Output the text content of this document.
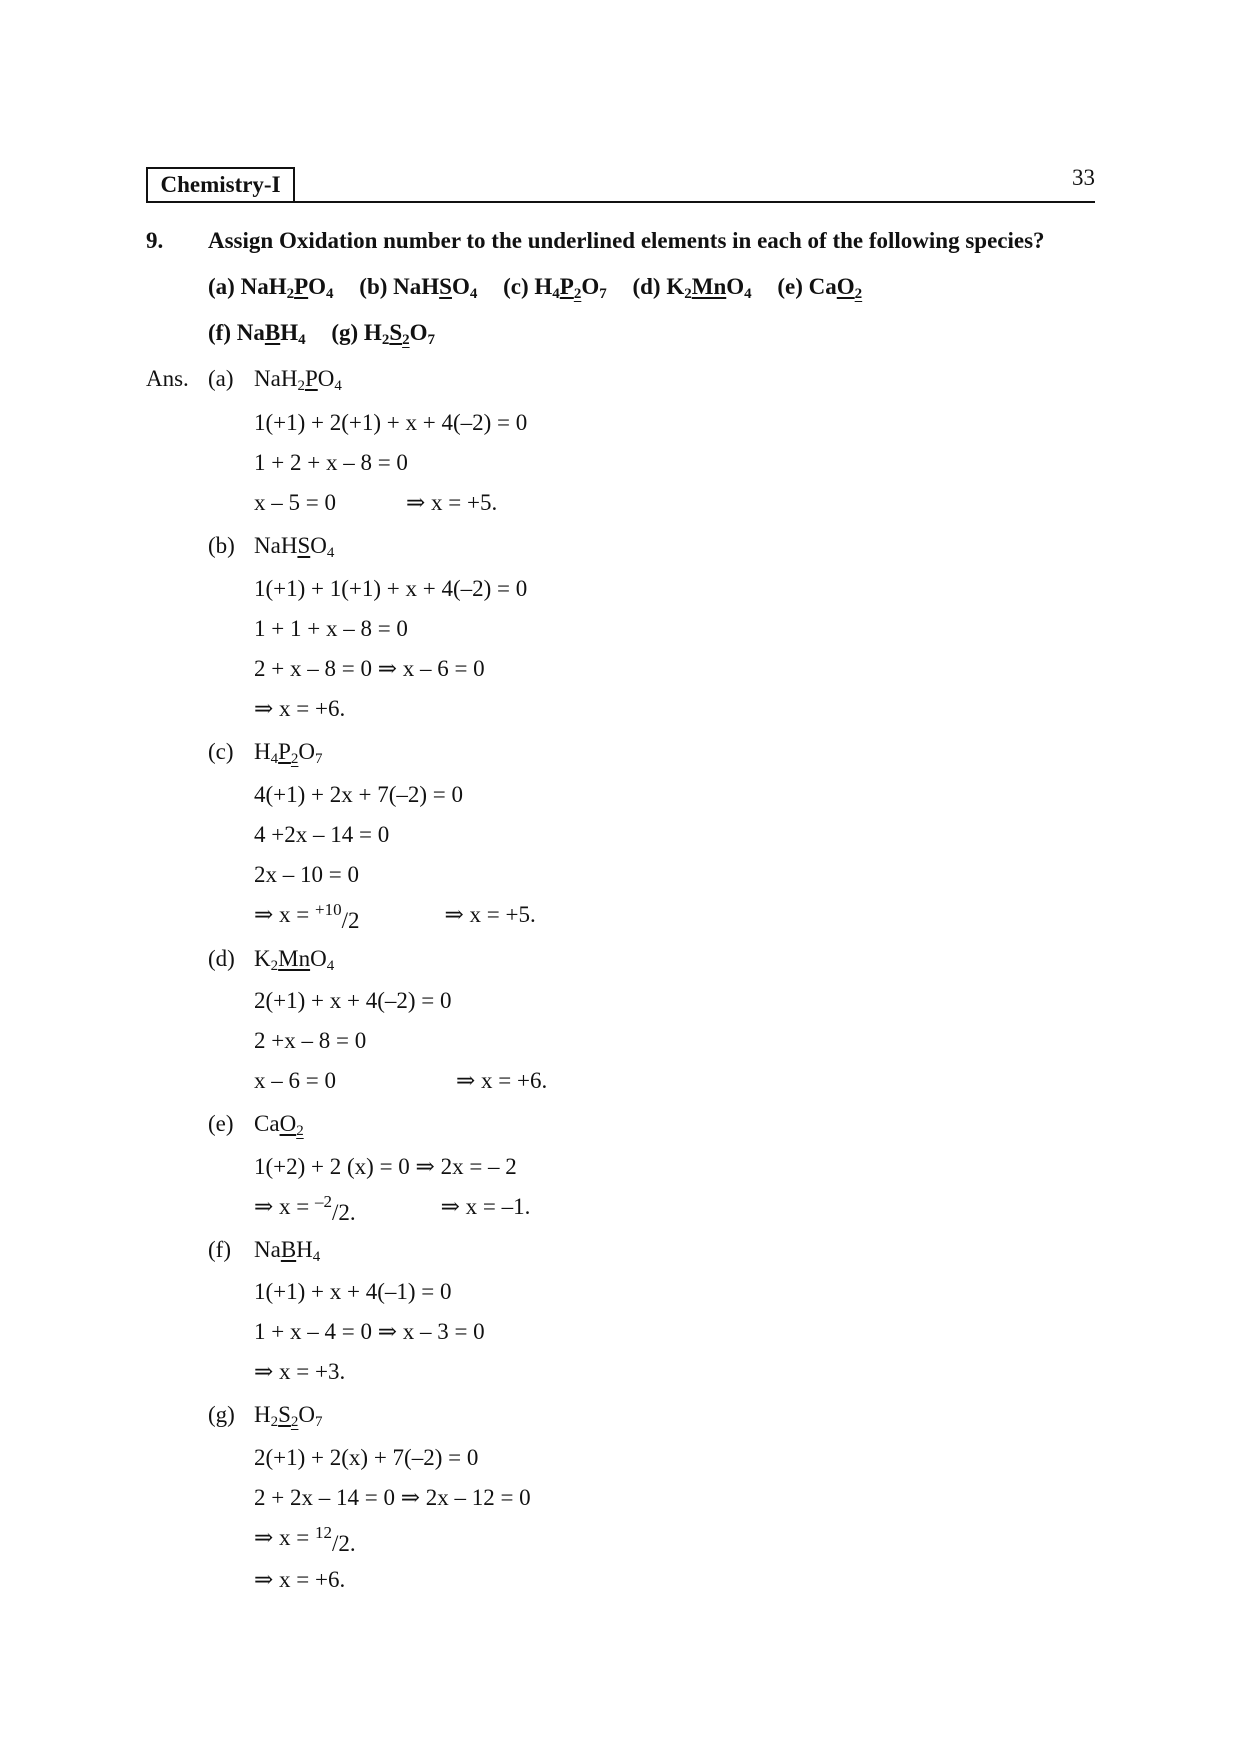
Chemistry-I	33
9. Assign Oxidation number to the underlined elements in each of the following species?
(a) $NaH_2PO_4$ (b) NaHSO$_4$ (c) $H_4P_2O_7$ (d) $K_2MnO_4$ (e) CaO$_2$
(f) NaBH$_4$ (g) $H_2S_2O_7$
Ans. (a) $NaH_2PO_4$
1(+1) + 2(+1) + x + 4(–2) = 0
1 + 2 + x – 8 = 0
x – 5 = 0	⇒ x = +5.
(b) NaHSO$_4$
1(+1) + 1(+1) + x + 4(–2) = 0
1 + 1 + x – 8 = 0
2 + x – 8 = 0 ⇒ x – 6 = 0
⇒ x = +6.
(c) $H_4P_2O_7$
4(+1) + 2x + 7(–2) = 0
4 +2x – 14 = 0
2x – 10 = 0
⇒ x = $^{+10}$/2	⇒ x = +5.
(d) $K_2MnO_4$
2(+1) + x + 4(–2) = 0
2 +x – 8 = 0
x – 6 = 0	⇒ x = +6.
(e) CaO$_2$
1(+2) + 2 (x) = 0 ⇒ 2x = – 2
⇒ x = $^{-2}$/2.	⇒ x = –1.
(f) NaBH$_4$
1(+1) + x + 4(–1) = 0
1 + x – 4 = 0 ⇒ x – 3 = 0
⇒ x = +3.
(g) $H_2S_2O_7$
2(+1) + 2(x) + 7(–2) = 0
2 + 2x – 14 = 0 ⇒ 2x – 12 = 0
⇒ x = $^{12}$/2.
⇒ x = +6.
